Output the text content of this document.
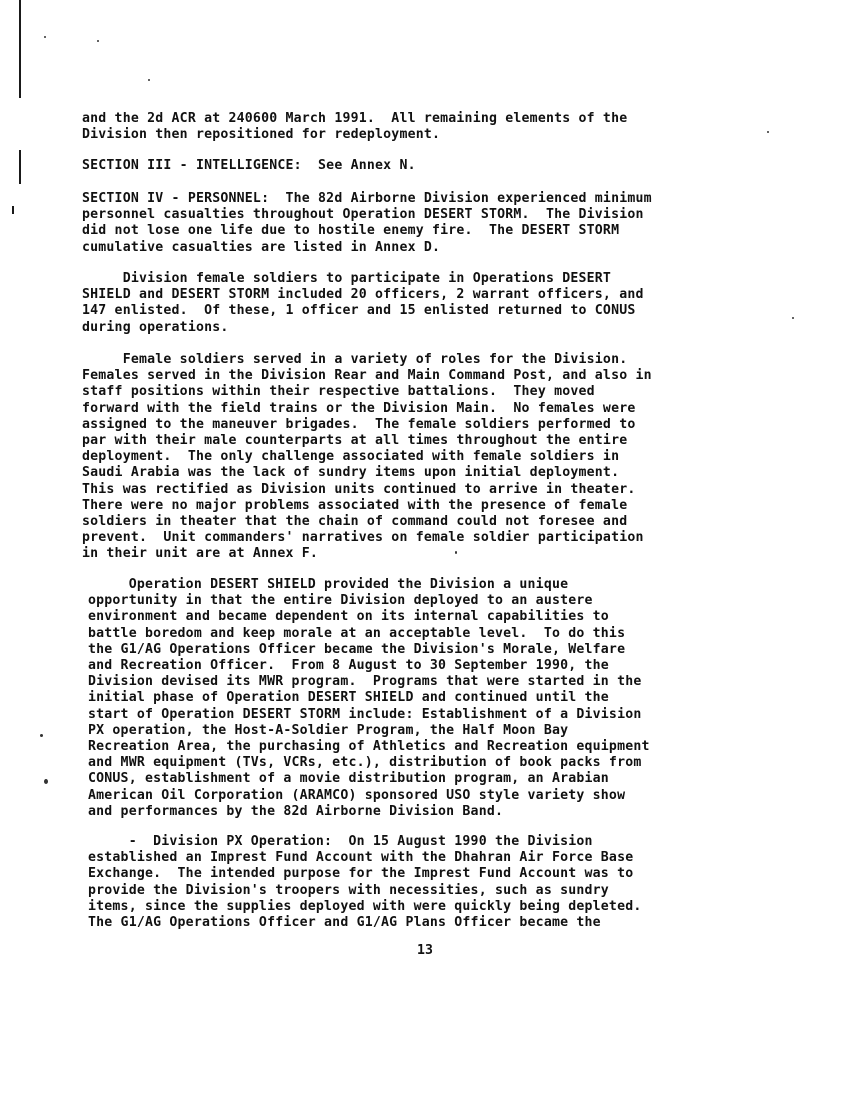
and the 2d ACR at 240600 March 1991.  All remaining elements of the
Division then repositioned for redeployment.
SECTION III - INTELLIGENCE:  See Annex N.
SECTION IV - PERSONNEL:  The 82d Airborne Division experienced minimum
personnel casualties throughout Operation DESERT STORM.  The Division
did not lose one life due to hostile enemy fire.  The DESERT STORM
cumulative casualties are listed in Annex D.
Division female soldiers to participate in Operations DESERT
SHIELD and DESERT STORM included 20 officers, 2 warrant officers, and
147 enlisted.  Of these, 1 officer and 15 enlisted returned to CONUS
during operations.
Female soldiers served in a variety of roles for the Division.
Females served in the Division Rear and Main Command Post, and also in
staff positions within their respective battalions.  They moved
forward with the field trains or the Division Main.  No females were
assigned to the maneuver brigades.  The female soldiers performed to
par with their male counterparts at all times throughout the entire
deployment.  The only challenge associated with female soldiers in
Saudi Arabia was the lack of sundry items upon initial deployment.
This was rectified as Division units continued to arrive in theater.
There were no major problems associated with the presence of female
soldiers in theater that the chain of command could not foresee and
prevent.  Unit commanders' narratives on female soldier participation
in their unit are at Annex F.
Operation DESERT SHIELD provided the Division a unique
opportunity in that the entire Division deployed to an austere
environment and became dependent on its internal capabilities to
battle boredom and keep morale at an acceptable level.  To do this
the G1/AG Operations Officer became the Division's Morale, Welfare
and Recreation Officer.  From 8 August to 30 September 1990, the
Division devised its MWR program.  Programs that were started in the
initial phase of Operation DESERT SHIELD and continued until the
start of Operation DESERT STORM include: Establishment of a Division
PX operation, the Host-A-Soldier Program, the Half Moon Bay
Recreation Area, the purchasing of Athletics and Recreation equipment
and MWR equipment (TVs, VCRs, etc.), distribution of book packs from
CONUS, establishment of a movie distribution program, an Arabian
American Oil Corporation (ARAMCO) sponsored USO style variety show
and performances by the 82d Airborne Division Band.
-  Division PX Operation:  On 15 August 1990 the Division
established an Imprest Fund Account with the Dhahran Air Force Base
Exchange.  The intended purpose for the Imprest Fund Account was to
provide the Division's troopers with necessities, such as sundry
items, since the supplies deployed with were quickly being depleted.
The G1/AG Operations Officer and G1/AG Plans Officer became the
13
